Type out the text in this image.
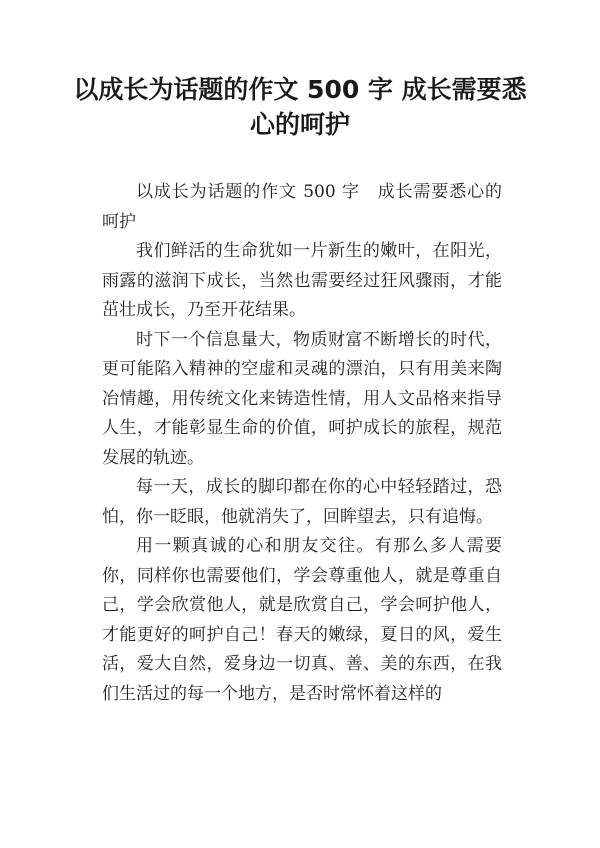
以成长为话题的作文 500 字 成长需要悉心的呵护

以成长为话题的作文 500 字　成长需要悉心的呵护

我们鲜活的生命犹如一片新生的嫩叶，在阳光，雨露的滋润下成长，当然也需要经过狂风骤雨，才能茁壮成长，乃至开花结果。

时下一个信息量大，物质财富不断增长的时代，更可能陷入精神的空虚和灵魂的漂泊，只有用美来陶冶情趣，用传统文化来铸造性情，用人文品格来指导人生，才能彰显生命的价值，呵护成长的旅程，规范发展的轨迹。

每一天，成长的脚印都在你的心中轻轻踏过，恐怕，你一眨眼，他就消失了，回眸望去，只有追悔。

用一颗真诚的心和朋友交往。有那么多人需要你，同样你也需要他们，学会尊重他人，就是尊重自己，学会欣赏他人，就是欣赏自己，学会呵护他人，才能更好的呵护自己！春天的嫩绿，夏日的风，爱生活，爱大自然，爱身边一切真、善、美的东西，在我们生活过的每一个地方，是否时常怀着这样的
